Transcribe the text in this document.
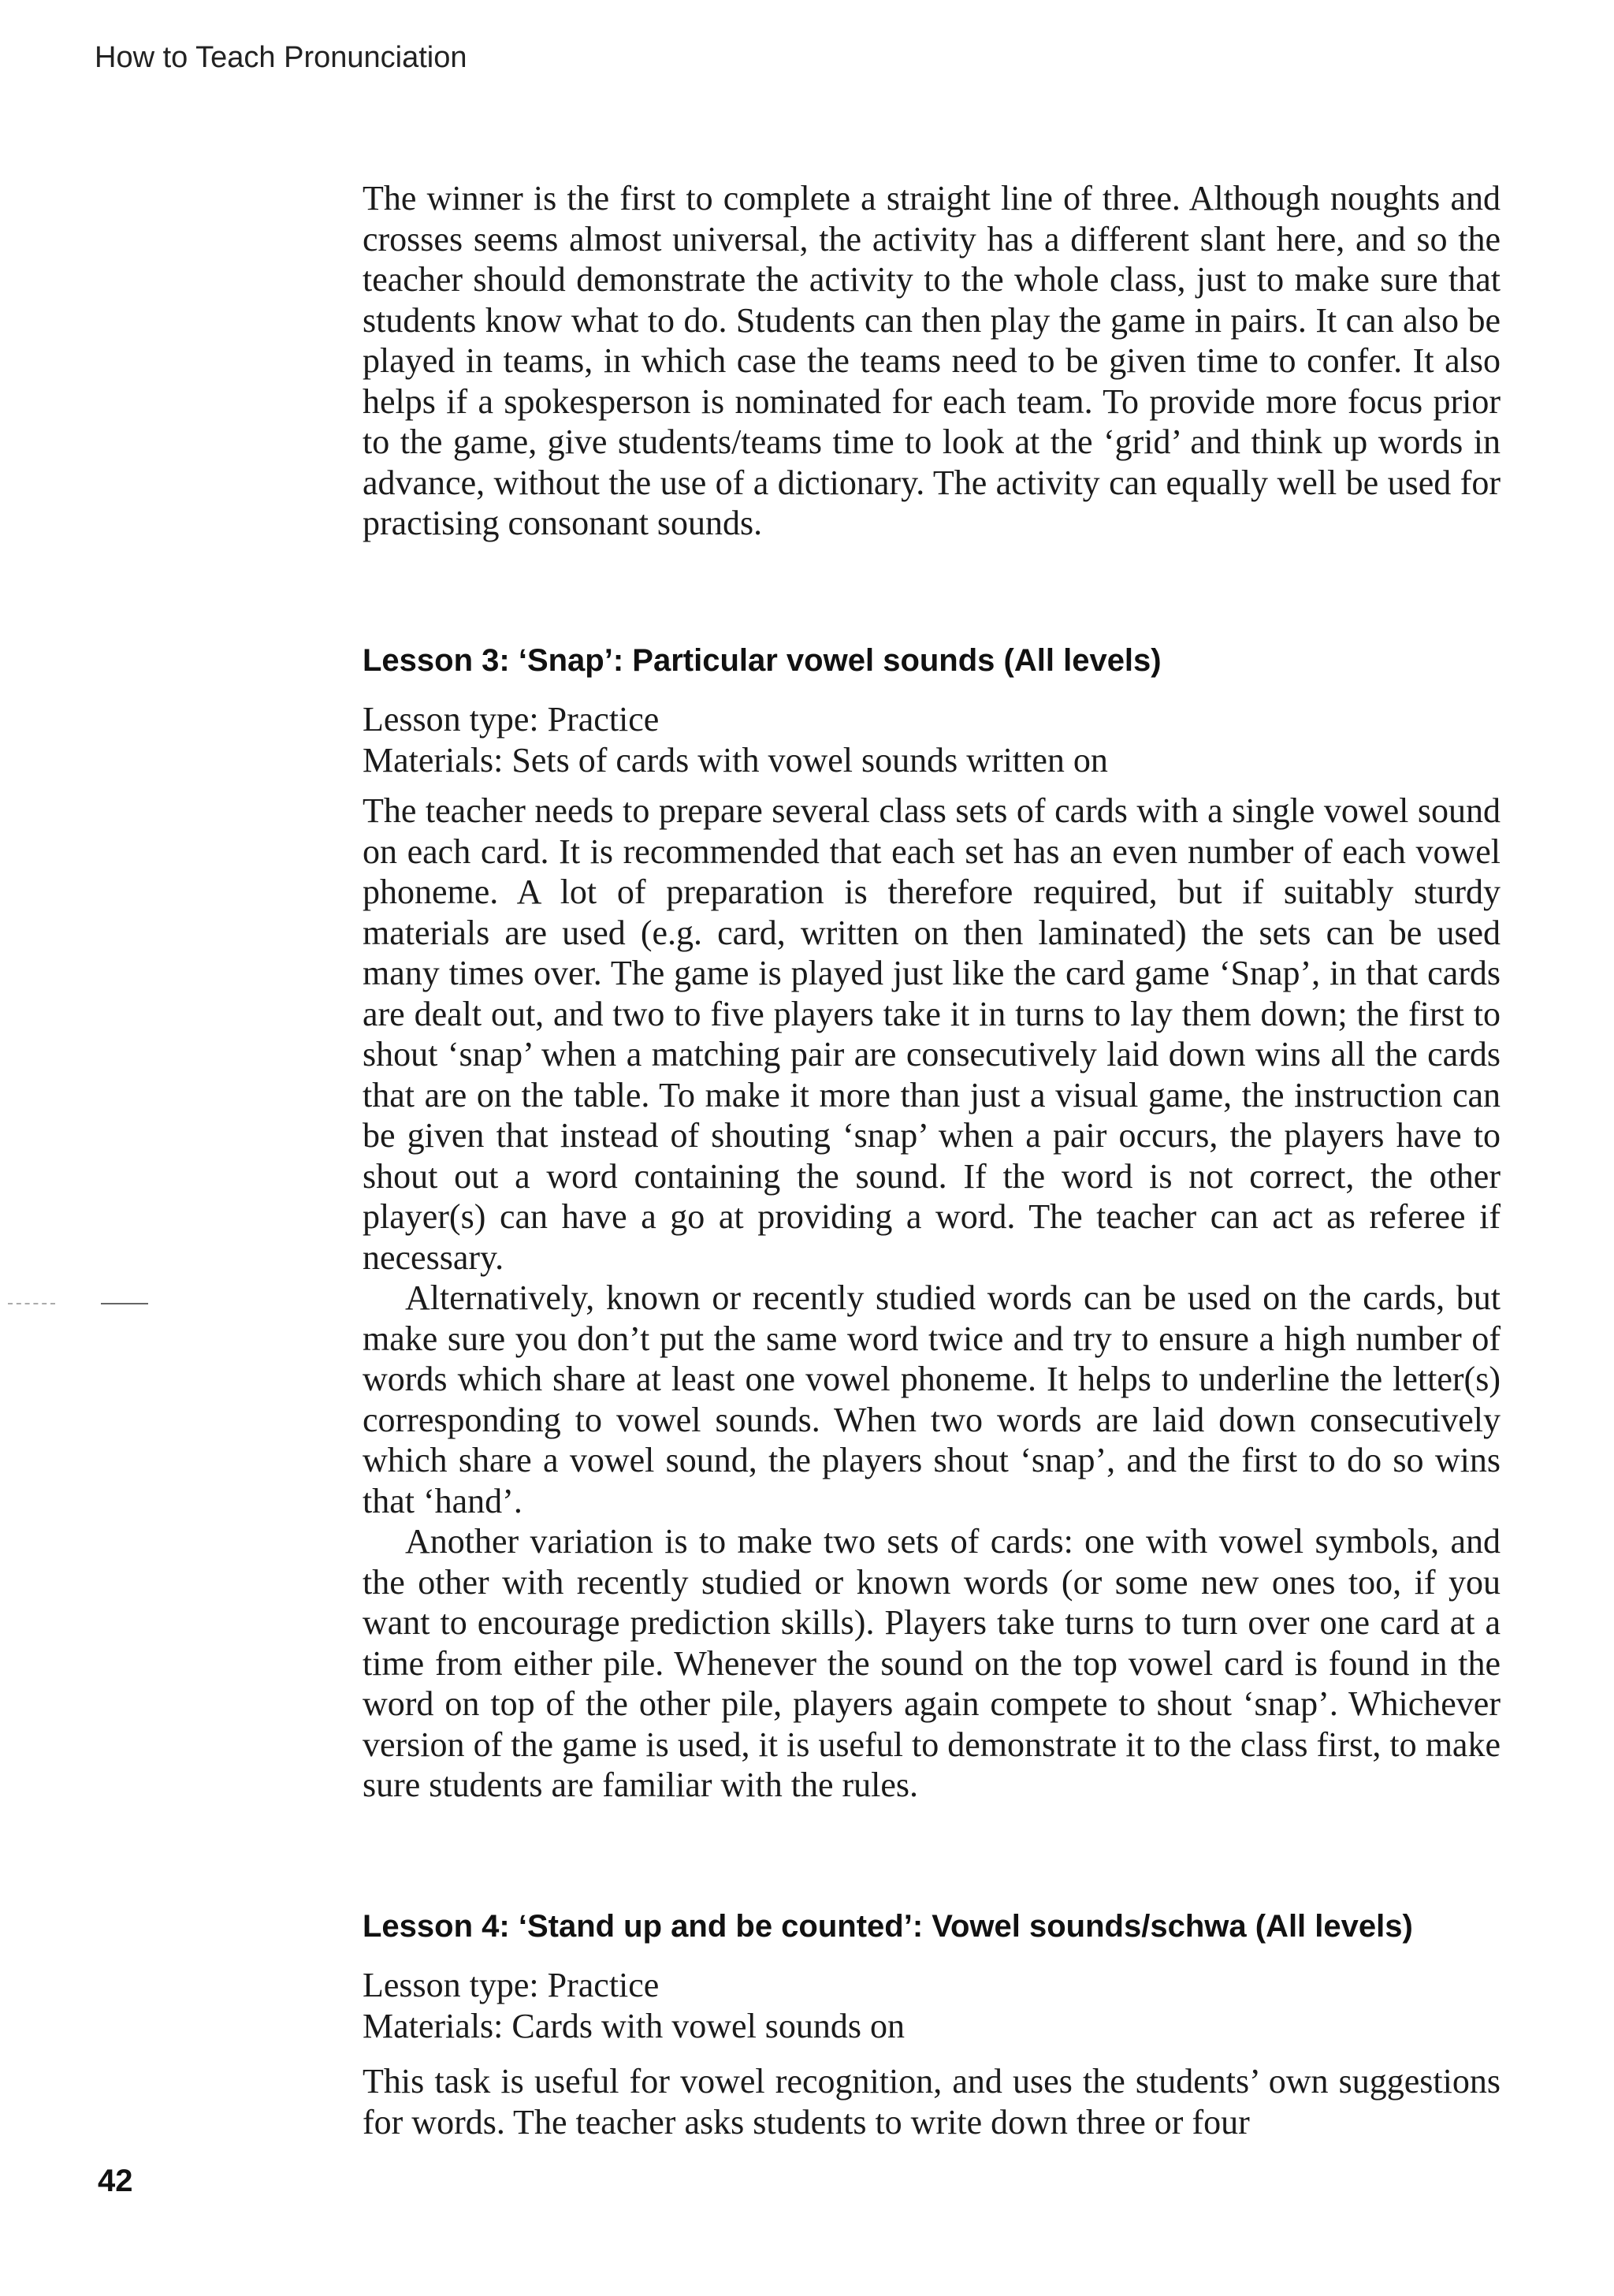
How to Teach Pronunciation

The winner is the first to complete a straight line of three. Although noughts and crosses seems almost universal, the activity has a different slant here, and so the teacher should demonstrate the activity to the whole class, just to make sure that students know what to do. Students can then play the game in pairs. It can also be played in teams, in which case the teams need to be given time to confer. It also helps if a spokesperson is nominated for each team. To provide more focus prior to the game, give students/teams time to look at the ‘grid’ and think up words in advance, without the use of a dictionary. The activity can equally well be used for practising consonant sounds.

Lesson 3: ‘Snap’: Particular vowel sounds (All levels)
Lesson type: Practice
Materials: Sets of cards with vowel sounds written on

The teacher needs to prepare several class sets of cards with a single vowel sound on each card. It is recommended that each set has an even number of each vowel phoneme. A lot of preparation is therefore required, but if suitably sturdy materials are used (e.g. card, written on then laminated) the sets can be used many times over. The game is played just like the card game ‘Snap’, in that cards are dealt out, and two to five players take it in turns to lay them down; the first to shout ‘snap’ when a matching pair are consecutively laid down wins all the cards that are on the table. To make it more than just a visual game, the instruction can be given that instead of shouting ‘snap’ when a pair occurs, the players have to shout out a word containing the sound. If the word is not correct, the other player(s) can have a go at providing a word. The teacher can act as referee if necessary.

Alternatively, known or recently studied words can be used on the cards, but make sure you don’t put the same word twice and try to ensure a high number of words which share at least one vowel phoneme. It helps to underline the letter(s) corresponding to vowel sounds. When two words are laid down consecutively which share a vowel sound, the players shout ‘snap’, and the first to do so wins that ‘hand’.

Another variation is to make two sets of cards: one with vowel symbols, and the other with recently studied or known words (or some new ones too, if you want to encourage prediction skills). Players take turns to turn over one card at a time from either pile. Whenever the sound on the top vowel card is found in the word on top of the other pile, players again compete to shout ‘snap’. Whichever version of the game is used, it is useful to demonstrate it to the class first, to make sure students are familiar with the rules.

Lesson 4: ‘Stand up and be counted’: Vowel sounds/schwa (All levels)
Lesson type: Practice
Materials: Cards with vowel sounds on

This task is useful for vowel recognition, and uses the students’ own suggestions for words. The teacher asks students to write down three or four

42
